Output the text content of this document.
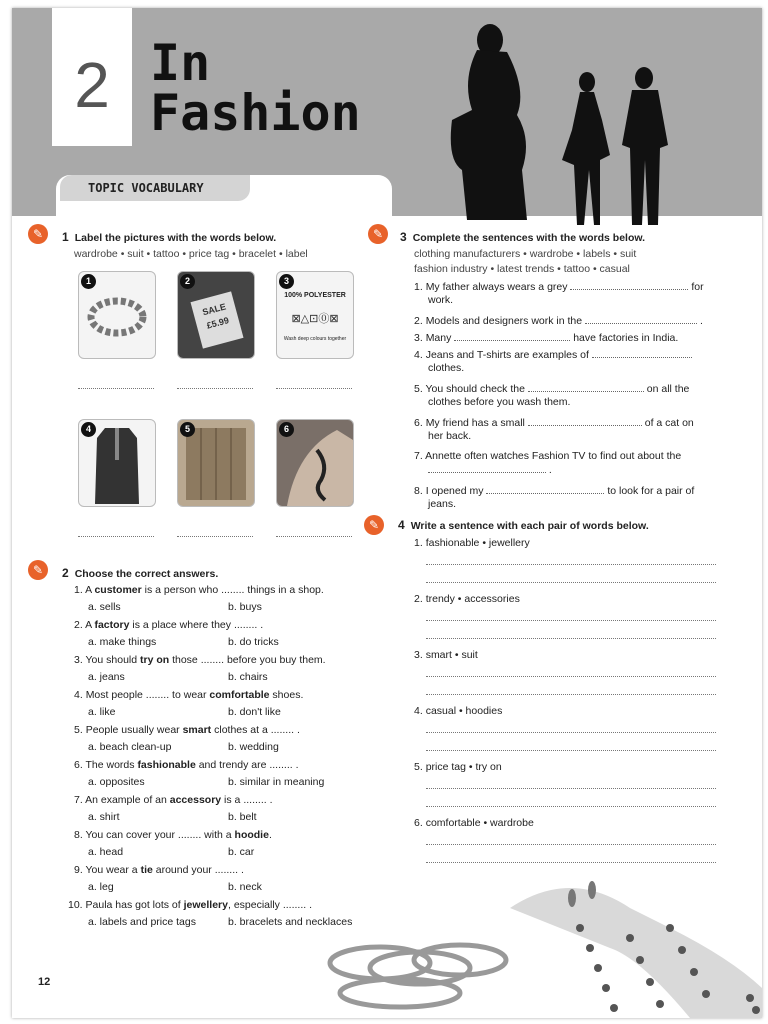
2 In
Fashion
TOPIC VOCABULARY
✎	1 Label the pictures with the words below.
wardrobe • suit • tattoo • price tag • bracelet • label
1	2
SALE
£5.99
3
100% POLYESTER
⊠△⊡⓪⊠
Wash deep colours together
4	5	6
✎	2 Choose the correct answers.
1. A customer is a person who ........ things in a shop.
a. sells	b. buys
2. A factory is a place where they ........ .
a. make things	b. do tricks
3. You should try on those ........ before you buy them.
a. jeans	b. chairs
4. Most people ........ to wear comfortable shoes.
a. like	b. don't like
5. People usually wear smart clothes at a ........ .
a. beach clean-up	b. wedding
6. The words fashionable and trendy are ........ .
a. opposites	b. similar in meaning
7. An example of an accessory is a ........ .
a. shirt	b. belt
8. You can cover your ........ with a hoodie.
a. head	b. car
9. You wear a tie around your ........ .
a. leg	b. neck
10. Paula has got lots of jewellery, especially ........ .
a. labels and price tags	b. bracelets and necklaces
✎	3 Complete the sentences with the words below.
clothing manufacturers • wardrobe • labels • suit
fashion industry • latest trends • tattoo • casual
1. My father always wears a grey	for
work.
2. Models and designers work in the	.
3. Many	have factories in India.
4. Jeans and T-shirts are examples of
clothes.
5. You should check the	on all the
clothes before you wash them.
6. My friend has a small	of a cat on
her back.
7. Annette often watches Fashion TV to find out about the
.
8. I opened my	to look for a pair of
jeans.
✎	4 Write a sentence with each pair of words below.
1. fashionable • jewellery
2. trendy • accessories
3. smart • suit
4. casual • hoodies
5. price tag • try on
6. comfortable • wardrobe
12
